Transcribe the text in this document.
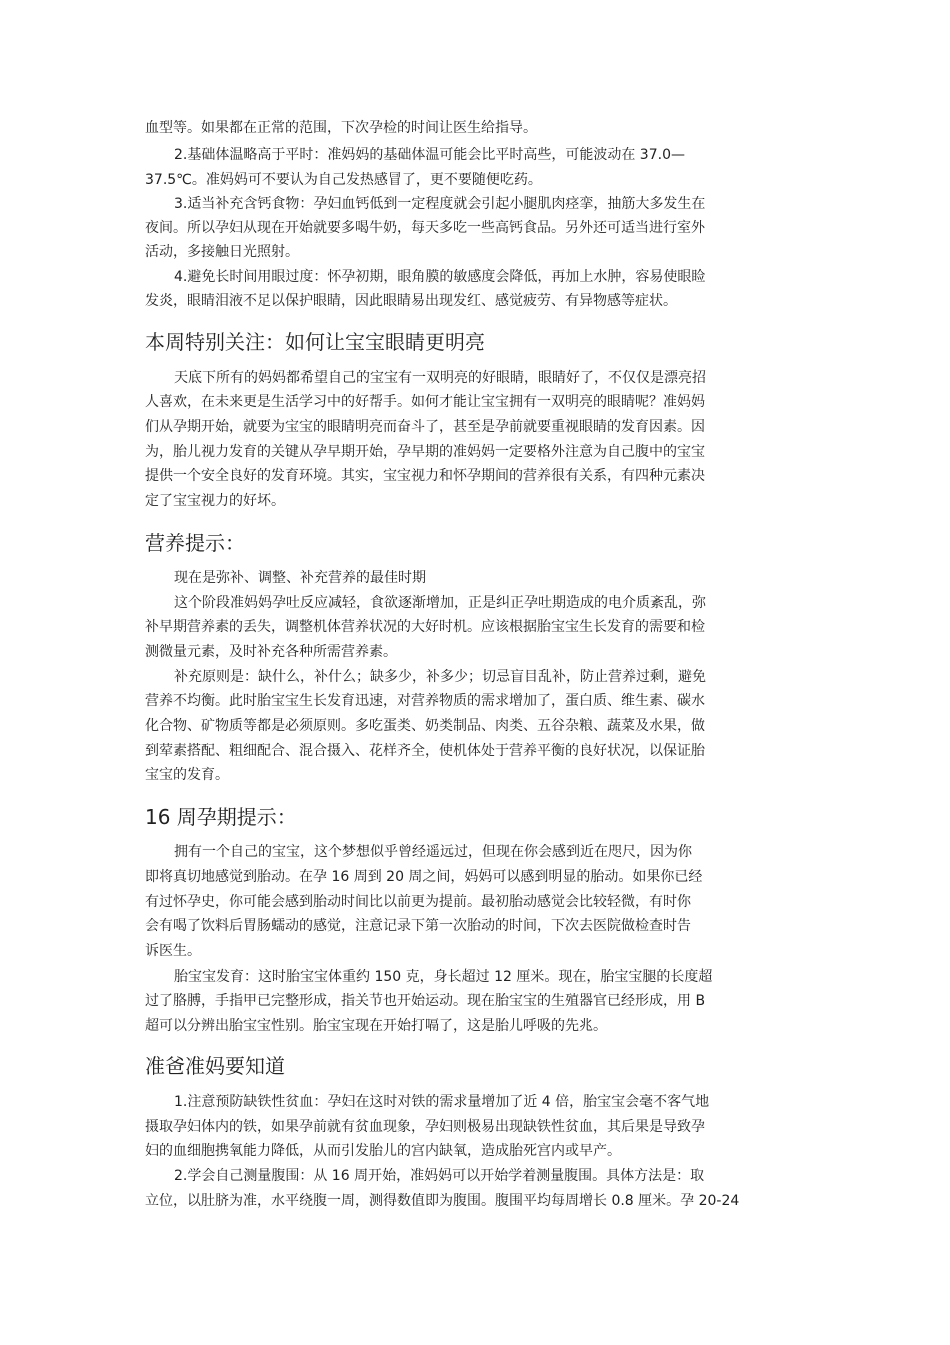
血型等。如果都在正常的范围，下次孕检的时间让医生给指导。
2.基础体温略高于平时：准妈妈的基础体温可能会比平时高些，可能波动在 37.0—
37.5℃。准妈妈可不要认为自己发热感冒了，更不要随便吃药。
3.适当补充含钙食物：孕妇血钙低到一定程度就会引起小腿肌肉痉挛，抽筋大多发生在
夜间。所以孕妇从现在开始就要多喝牛奶，每天多吃一些高钙食品。另外还可适当进行室外
活动，多接触日光照射。
4.避免长时间用眼过度：怀孕初期，眼角膜的敏感度会降低，再加上水肿，容易使眼睑
发炎，眼睛泪液不足以保护眼睛，因此眼睛易出现发红、感觉疲劳、有异物感等症状。
本周特别关注：如何让宝宝眼睛更明亮
天底下所有的妈妈都希望自己的宝宝有一双明亮的好眼睛，眼睛好了，不仅仅是漂亮招
人喜欢，在未来更是生活学习中的好帮手。如何才能让宝宝拥有一双明亮的眼睛呢？准妈妈
们从孕期开始，就要为宝宝的眼睛明亮而奋斗了，甚至是孕前就要重视眼睛的发育因素。因
为，胎儿视力发育的关键从孕早期开始，孕早期的准妈妈一定要格外注意为自己腹中的宝宝
提供一个安全良好的发育环境。其实，宝宝视力和怀孕期间的营养很有关系，有四种元素决
定了宝宝视力的好坏。
营养提示：
现在是弥补、调整、补充营养的最佳时期
这个阶段准妈妈孕吐反应减轻，食欲逐渐增加，正是纠正孕吐期造成的电介质紊乱，弥
补早期营养素的丢失，调整机体营养状况的大好时机。应该根据胎宝宝生长发育的需要和检
测微量元素，及时补充各种所需营养素。
补充原则是：缺什么，补什么；缺多少，补多少；切忌盲目乱补，防止营养过剩，避免
营养不均衡。此时胎宝宝生长发育迅速，对营养物质的需求增加了，蛋白质、维生素、碳水
化合物、矿物质等都是必须原则。多吃蛋类、奶类制品、肉类、五谷杂粮、蔬菜及水果，做
到荤素搭配、粗细配合、混合摄入、花样齐全，使机体处于营养平衡的良好状况，以保证胎
宝宝的发育。
16 周孕期提示：
拥有一个自己的宝宝，这个梦想似乎曾经遥远过，但现在你会感到近在咫尺，因为你
即将真切地感觉到胎动。在孕 16 周到 20 周之间，妈妈可以感到明显的胎动。如果你已经
有过怀孕史，你可能会感到胎动时间比以前更为提前。最初胎动感觉会比较轻微，有时你
会有喝了饮料后胃肠蠕动的感觉，注意记录下第一次胎动的时间，下次去医院做检查时告
诉医生。
胎宝宝发育：这时胎宝宝体重约 150 克，身长超过 12 厘米。现在，胎宝宝腿的长度超
过了胳膊，手指甲已完整形成，指关节也开始运动。现在胎宝宝的生殖器官已经形成，用 B
超可以分辨出胎宝宝性别。胎宝宝现在开始打嗝了，这是胎儿呼吸的先兆。
准爸准妈要知道
1.注意预防缺铁性贫血：孕妇在这时对铁的需求量增加了近 4 倍，胎宝宝会毫不客气地
摄取孕妇体内的铁，如果孕前就有贫血现象，孕妇则极易出现缺铁性贫血，其后果是导致孕
妇的血细胞携氧能力降低，从而引发胎儿的宫内缺氧，造成胎死宫内或早产。
2.学会自己测量腹围：从 16 周开始，准妈妈可以开始学着测量腹围。具体方法是：取
立位，以肚脐为准，水平绕腹一周，测得数值即为腹围。腹围平均每周增长 0.8 厘米。孕 20-24
